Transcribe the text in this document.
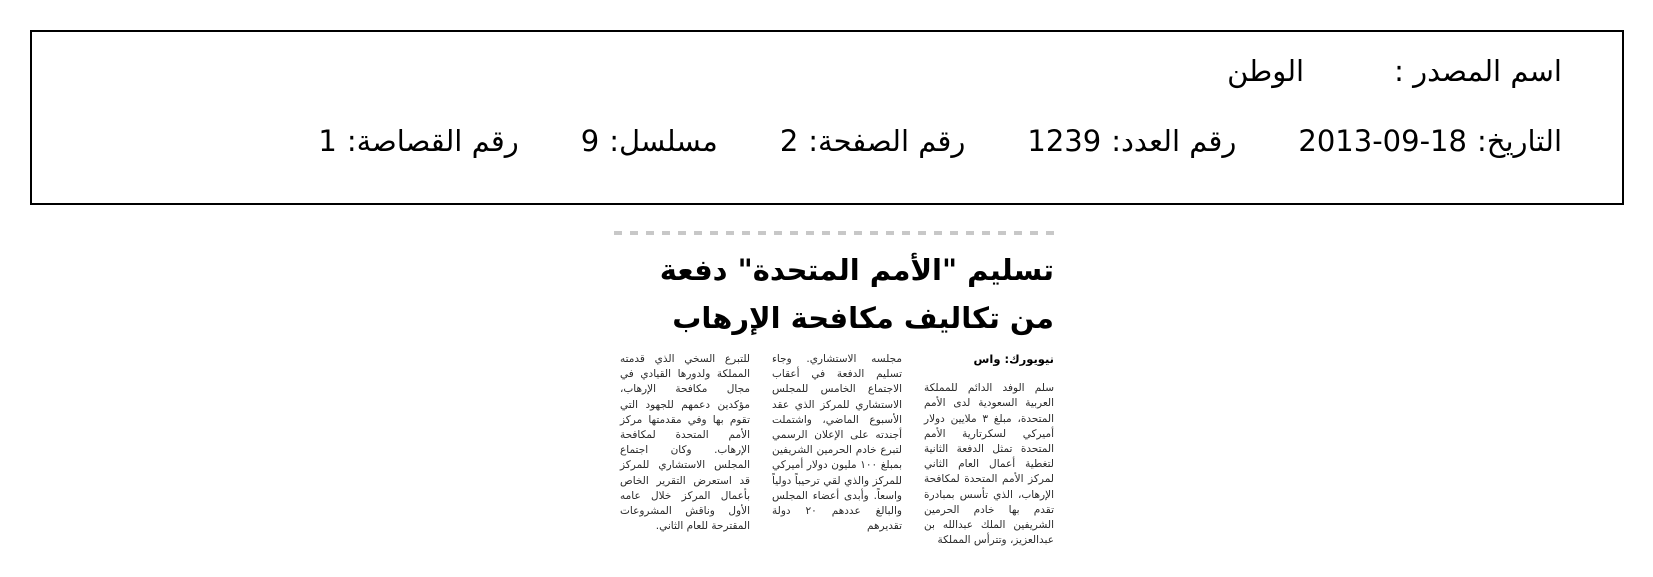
اسم المصدر :
الوطن
التاريخ:
2013-09-18
رقم العدد:
1239
رقم الصفحة:
2
مسلسل:
9
رقم القصاصة:
1
تسليم "الأمم المتحدة" دفعة
من تكاليف مكافحة الإرهاب
نيويورك: واس

سلم الوفد الدائم للمملكة العربية السعودية لدى الأمم المتحدة، مبلغ ٣ ملايين دولار أميركي لسكرتارية الأمم المتحدة تمثل الدفعة الثانية لتغطية أعمال العام الثاني لمركز الأمم المتحدة لمكافحة الإرهاب، الذي تأسس بمبادرة تقدم بها خادم الحرمين الشريفين الملك عبدالله بن عبدالعزيز، وتترأس المملكة

مجلسه الاستشاري. وجاء تسليم الدفعة في أعقاب الاجتماع الخامس للمجلس الاستشاري للمركز الذي عقد الأسبوع الماضي، واشتملت أجندته على الإعلان الرسمي لتبرع خادم الحرمين الشريفين بمبلغ ١٠٠ مليون دولار أميركي للمركز والذي لقي ترحيباً دولياً واسعاً. وأبدى أعضاء المجلس والبالغ عددهم ٢٠ دولة تقديرهم

للتبرع السخي الذي قدمته المملكة ولدورها القيادي في مجال مكافحة الإرهاب، مؤكدين دعمهم للجهود التي تقوم بها وفي مقدمتها مركز الأمم المتحدة لمكافحة الإرهاب. وكان اجتماع المجلس الاستشاري للمركز قد استعرض التقرير الخاص بأعمال المركز خلال عامه الأول وناقش المشروعات المقترحة للعام الثاني.
